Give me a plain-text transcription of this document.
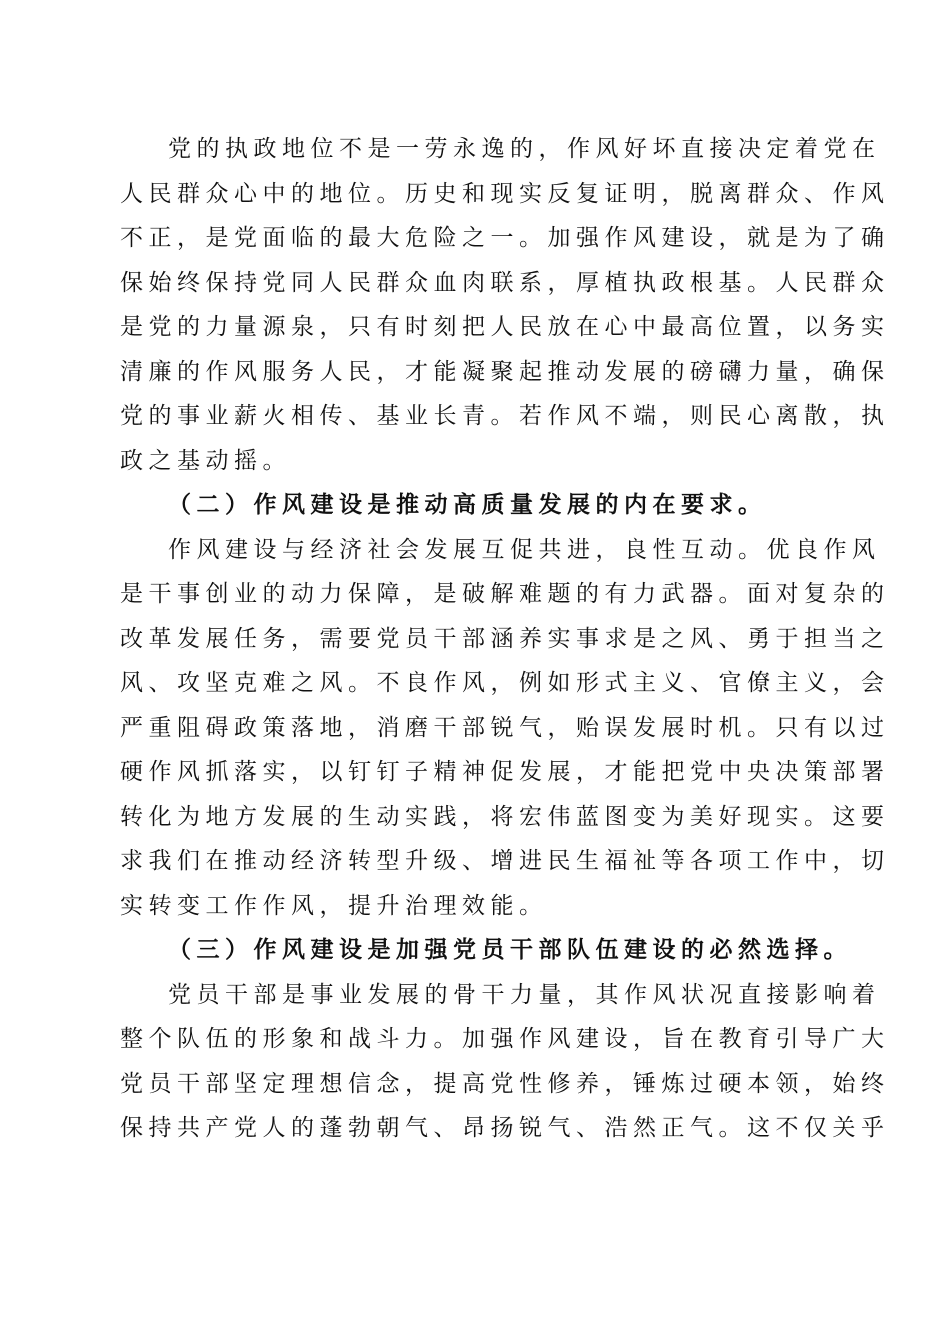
党的执政地位不是一劳永逸的，作风好坏直接决定着党在
人民群众心中的地位。历史和现实反复证明，脱离群众、作风
不正，是党面临的最大危险之一。加强作风建设，就是为了确
保始终保持党同人民群众血肉联系，厚植执政根基。人民群众
是党的力量源泉，只有时刻把人民放在心中最高位置，以务实
清廉的作风服务人民，才能凝聚起推动发展的磅礴力量，确保
党的事业薪火相传、基业长青。若作风不端，则民心离散，执
政之基动摇。
（二）作风建设是推动高质量发展的内在要求。
作风建设与经济社会发展互促共进，良性互动。优良作风
是干事创业的动力保障，是破解难题的有力武器。面对复杂的
改革发展任务，需要党员干部涵养实事求是之风、勇于担当之
风、攻坚克难之风。不良作风，例如形式主义、官僚主义，会
严重阻碍政策落地，消磨干部锐气，贻误发展时机。只有以过
硬作风抓落实，以钉钉子精神促发展，才能把党中央决策部署
转化为地方发展的生动实践，将宏伟蓝图变为美好现实。这要
求我们在推动经济转型升级、增进民生福祉等各项工作中，切
实转变工作作风，提升治理效能。
（三）作风建设是加强党员干部队伍建设的必然选择。
党员干部是事业发展的骨干力量，其作风状况直接影响着
整个队伍的形象和战斗力。加强作风建设，旨在教育引导广大
党员干部坚定理想信念，提高党性修养，锤炼过硬本领，始终
保持共产党人的蓬勃朝气、昂扬锐气、浩然正气。这不仅关乎
